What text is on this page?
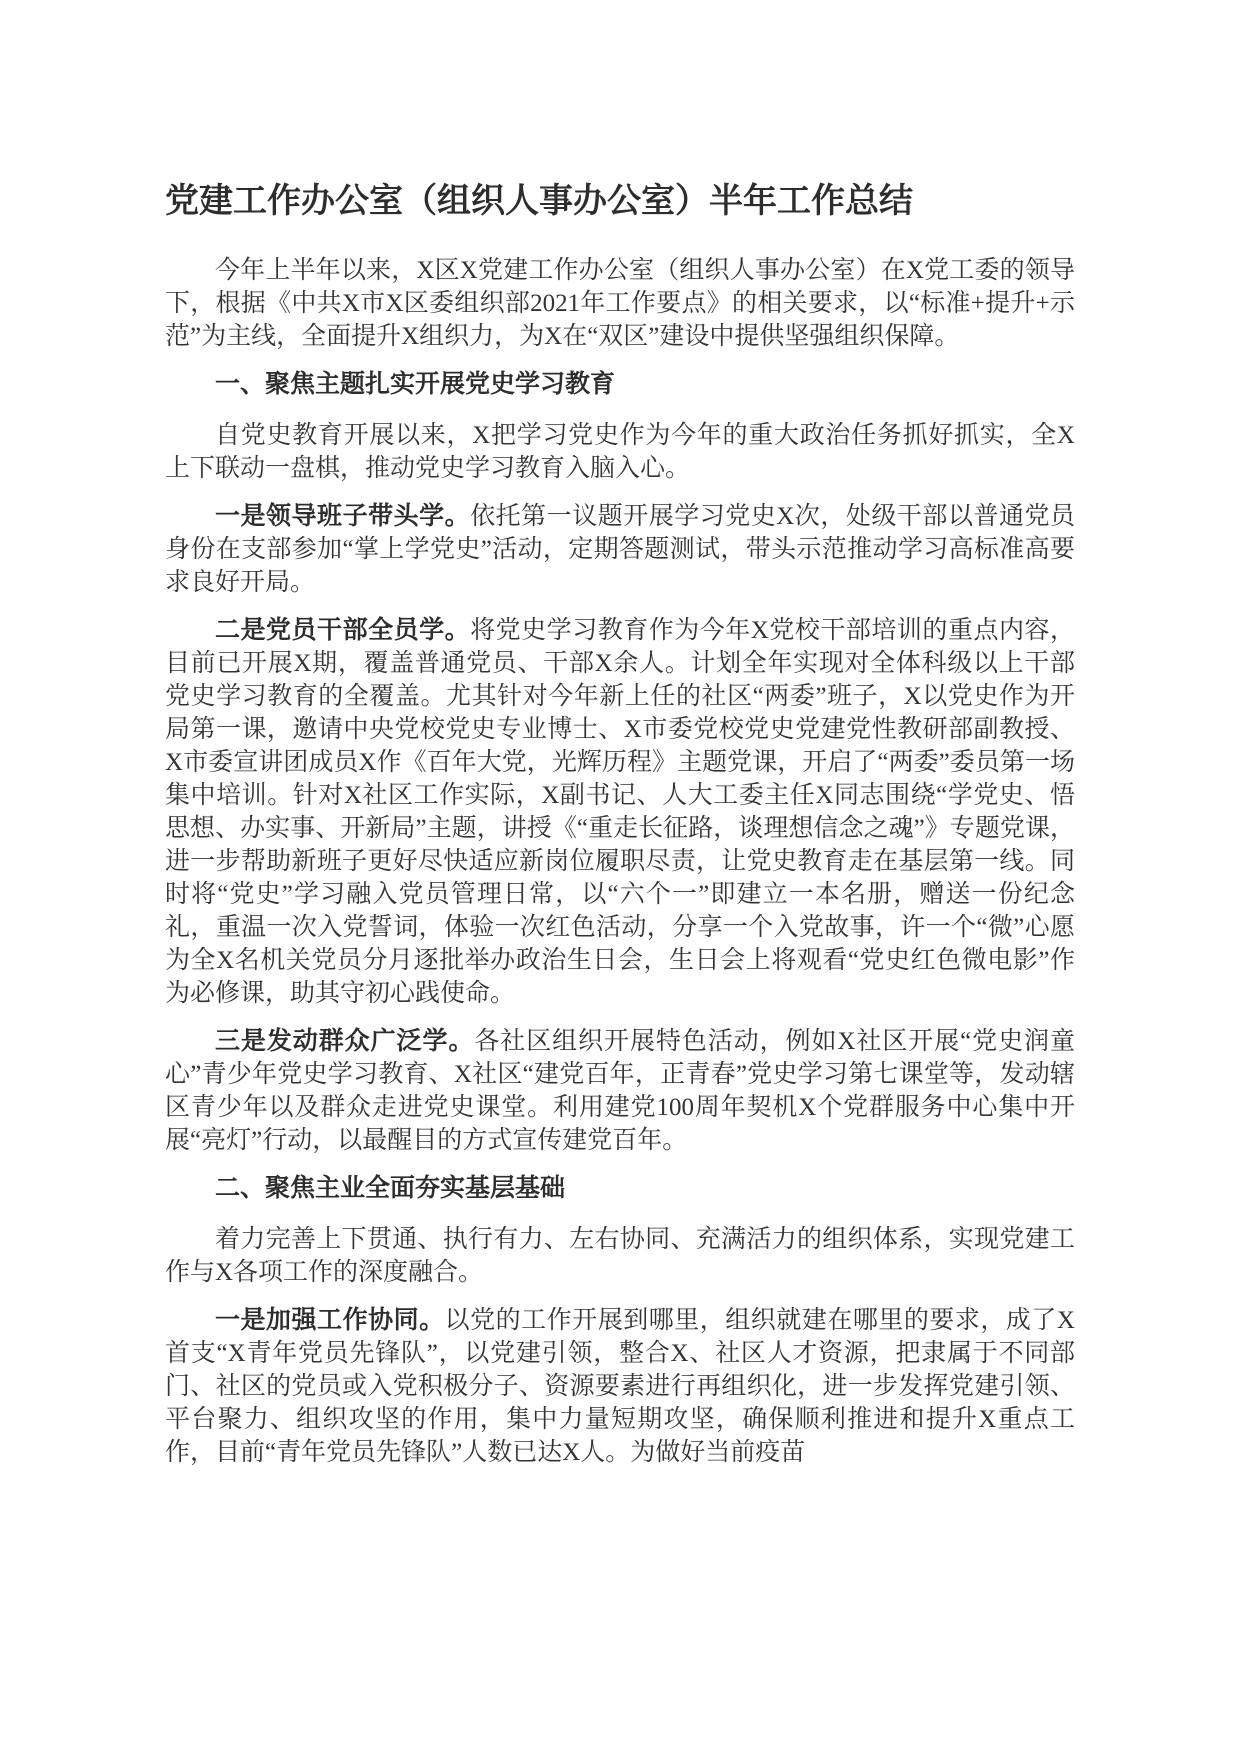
党建工作办公室（组织人事办公室）半年工作总结

今年上半年以来，X区X党建工作办公室（组织人事办公室）在X党工委的领导下，根据《中共X市X区委组织部2021年工作要点》的相关要求，以“标准+提升+示范”为主线，全面提升X组织力，为X在“双区”建设中提供坚强组织保障。

一、聚焦主题扎实开展党史学习教育

自党史教育开展以来，X把学习党史作为今年的重大政治任务抓好抓实，全X上下联动一盘棋，推动党史学习教育入脑入心。

一是领导班子带头学。依托第一议题开展学习党史X次，处级干部以普通党员身份在支部参加“掌上学党史”活动，定期答题测试，带头示范推动学习高标准高要求良好开局。

二是党员干部全员学。将党史学习教育作为今年X党校干部培训的重点内容，目前已开展X期，覆盖普通党员、干部X余人。计划全年实现对全体科级以上干部党史学习教育的全覆盖。尤其针对今年新上任的社区“两委”班子，X以党史作为开局第一课，邀请中央党校党史专业博士、X市委党校党史党建党性教研部副教授、X市委宣讲团成员X作《百年大党，光辉历程》主题党课，开启了“两委”委员第一场集中培训。针对X社区工作实际，X副书记、人大工委主任X同志围绕“学党史、悟思想、办实事、开新局”主题，讲授《“重走长征路，谈理想信念之魂”》专题党课，进一步帮助新班子更好尽快适应新岗位履职尽责，让党史教育走在基层第一线。同时将“党史”学习融入党员管理日常，以“六个一”即建立一本名册，赠送一份纪念礼，重温一次入党誓词，体验一次红色活动，分享一个入党故事，许一个“微”心愿为全X名机关党员分月逐批举办政治生日会，生日会上将观看“党史红色微电影”作为必修课，助其守初心践使命。

三是发动群众广泛学。各社区组织开展特色活动，例如X社区开展“党史润童心”青少年党史学习教育、X社区“建党百年，正青春”党史学习第七课堂等，发动辖区青少年以及群众走进党史课堂。利用建党100周年契机X个党群服务中心集中开展“亮灯”行动，以最醒目的方式宣传建党百年。

二、聚焦主业全面夯实基层基础

着力完善上下贯通、执行有力、左右协同、充满活力的组织体系，实现党建工作与X各项工作的深度融合。

一是加强工作协同。以党的工作开展到哪里，组织就建在哪里的要求，成了X首支“X青年党员先锋队”，以党建引领，整合X、社区人才资源，把隶属于不同部门、社区的党员或入党积极分子、资源要素进行再组织化，进一步发挥党建引领、平台聚力、组织攻坚的作用，集中力量短期攻坚，确保顺利推进和提升X重点工作，目前“青年党员先锋队”人数已达X人。为做好当前疫苗
